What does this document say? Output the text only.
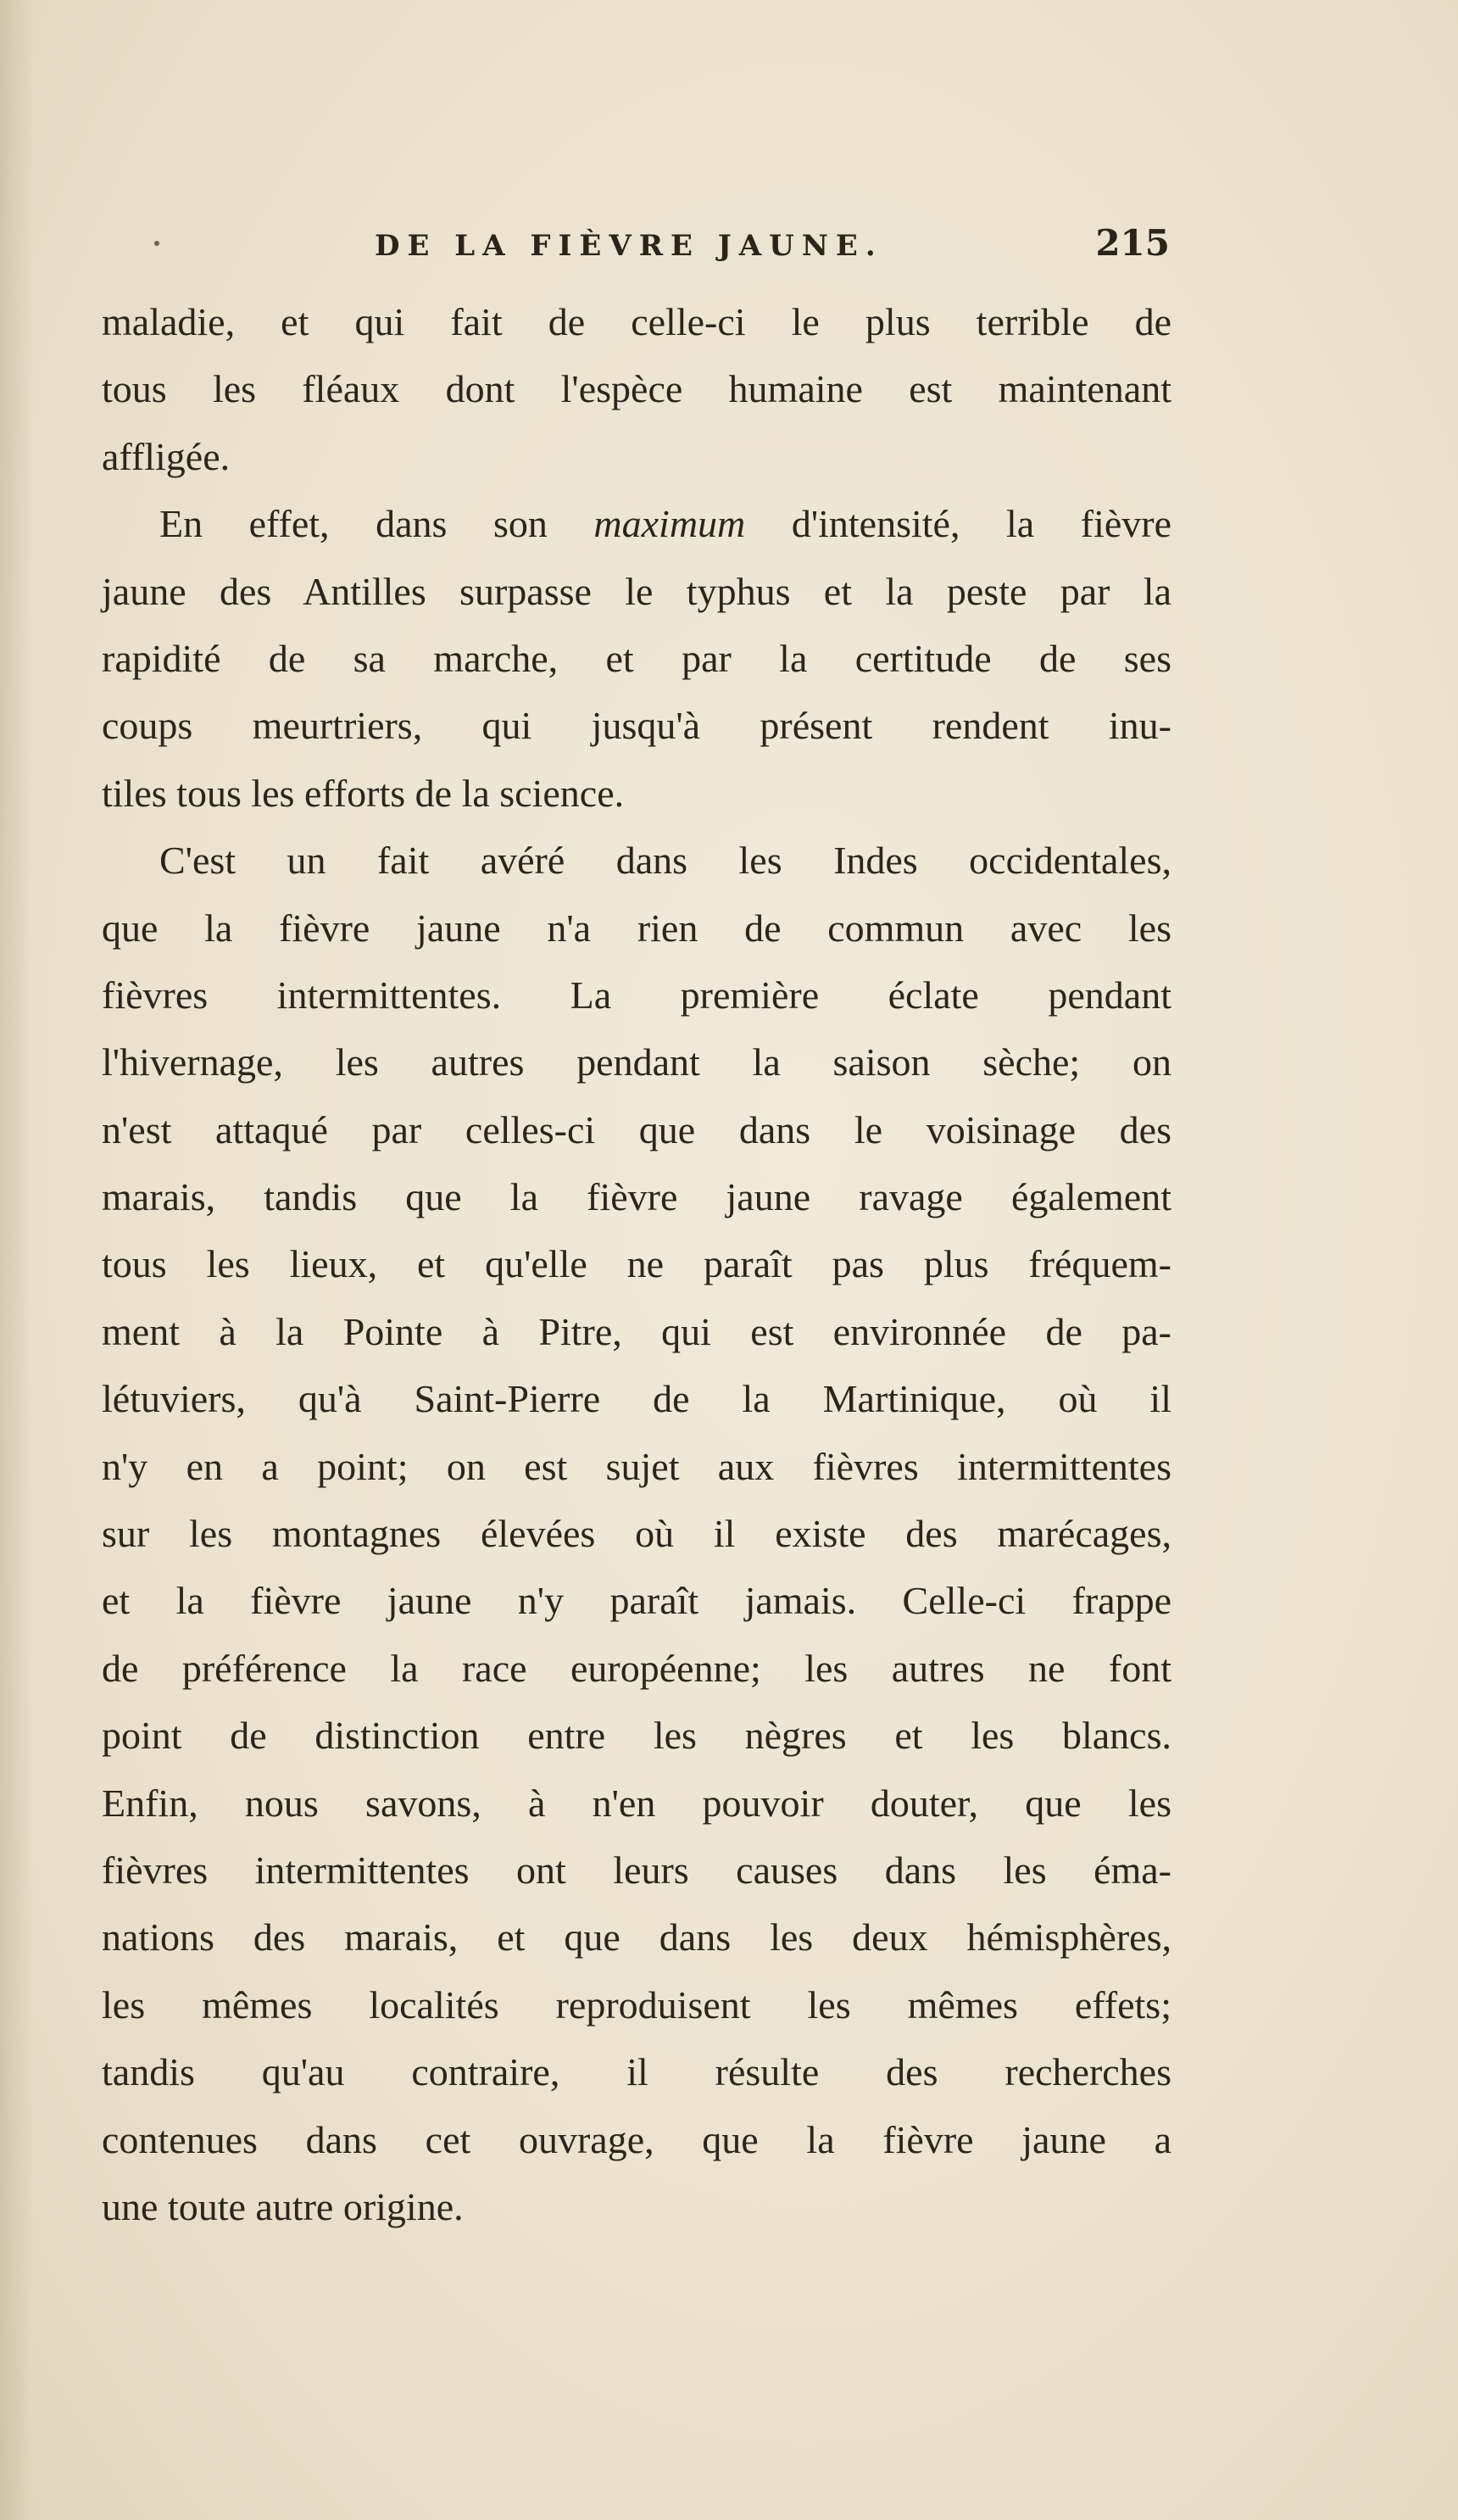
DE LA FIÈVRE JAUNE.	215
maladie, et qui fait de celle-ci le plus terrible de
tous les fléaux dont l'espèce humaine est maintenant
affligée.
En effet, dans son maximum d'intensité, la fièvre
jaune des Antilles surpasse le typhus et la peste par la
rapidité de sa marche, et par la certitude de ses
coups meurtriers, qui jusqu'à présent rendent inu-
tiles tous les efforts de la science.
C'est un fait avéré dans les Indes occidentales,
que la fièvre jaune n'a rien de commun avec les
fièvres intermittentes. La première éclate pendant
l'hivernage, les autres pendant la saison sèche; on
n'est attaqué par celles-ci que dans le voisinage des
marais, tandis que la fièvre jaune ravage également
tous les lieux, et qu'elle ne paraît pas plus fréquem-
ment à la Pointe à Pitre, qui est environnée de pa-
létuviers, qu'à Saint-Pierre de la Martinique, où il
n'y en a point; on est sujet aux fièvres intermittentes
sur les montagnes élevées où il existe des marécages,
et la fièvre jaune n'y paraît jamais. Celle-ci frappe
de préférence la race européenne; les autres ne font
point de distinction entre les nègres et les blancs.
Enfin, nous savons, à n'en pouvoir douter, que les
fièvres intermittentes ont leurs causes dans les éma-
nations des marais, et que dans les deux hémisphères,
les mêmes localités reproduisent les mêmes effets;
tandis qu'au contraire, il résulte des recherches
contenues dans cet ouvrage, que la fièvre jaune a
une toute autre origine.
